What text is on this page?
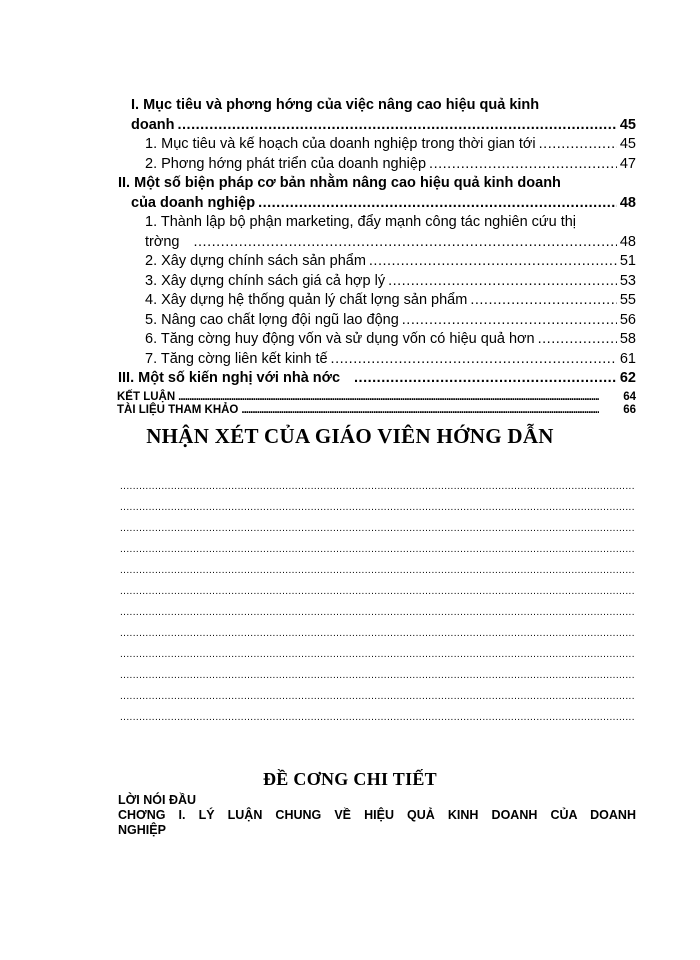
I. Mục tiêu và phơng hớng của việc nâng cao hiệu quả kinh
doanh .....	45
1. Mục tiêu và kế hoạch của doanh nghiệp trong thời gian tới .....	45
2. Phơng hớng phát triển của doanh nghiệp .....	47
II. Một số biện pháp cơ bản nhằm nâng cao hiệu quả kinh doanh
của doanh nghiệp .....	48
1. Thành lập bộ phận marketing, đẩy mạnh công tác nghiên cứu thị
trờng .....	48
2. Xây dựng chính sách sản phẩm .....	51
3. Xây dựng chính sách giá cả hợp lý .....	53
4. Xây dựng hệ thống quản lý chất lợng sản phẩm .....	55
5. Nâng cao chất lợng đội ngũ lao động .....	56
6. Tăng cờng huy động vốn và sử dụng vốn có hiệu quả hơn .....	58
7. Tăng cờng liên kết kinh tế .....	61
III. Một số kiến nghị với nhà nớc .....	62
KẾT LUẬN .....	64
TÀI LIỆU THAM KHẢO .....	66
NHẬN XÉT CỦA GIÁO VIÊN HỚNG DẪN
.....
.....
.....
.....
.....
.....
.....
.....
.....
.....
.....
.....
ĐỀ CƠNG CHI TIẾT
LỜI NÓI ĐẦU
CHƠNG I. LÝ LUẬN CHUNG VỀ HIỆU QUẢ KINH DOANH CỦA DOANH
NGHIỆP
